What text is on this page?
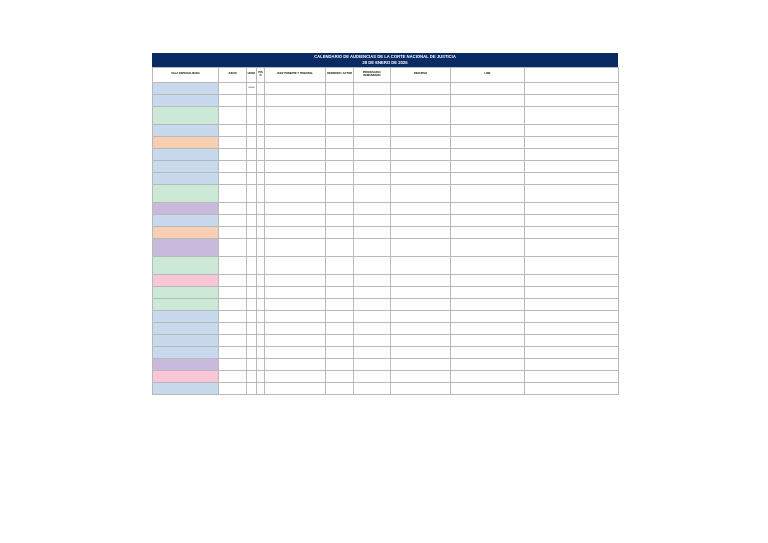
CALENDARIO DE AUDIENCIAS DE LA CORTE NACIONAL DE JUSTICIA
28 DE ENERO DE 2025
SALA ESPECIALIZADA	JUICIO	HORA	PISO	JUEZ PONENTE Y TRIBUNAL	OFENDIDO / ACTOR	PROCESADO / DEMANDADO	RECURSO	LINK	
		08H00							
